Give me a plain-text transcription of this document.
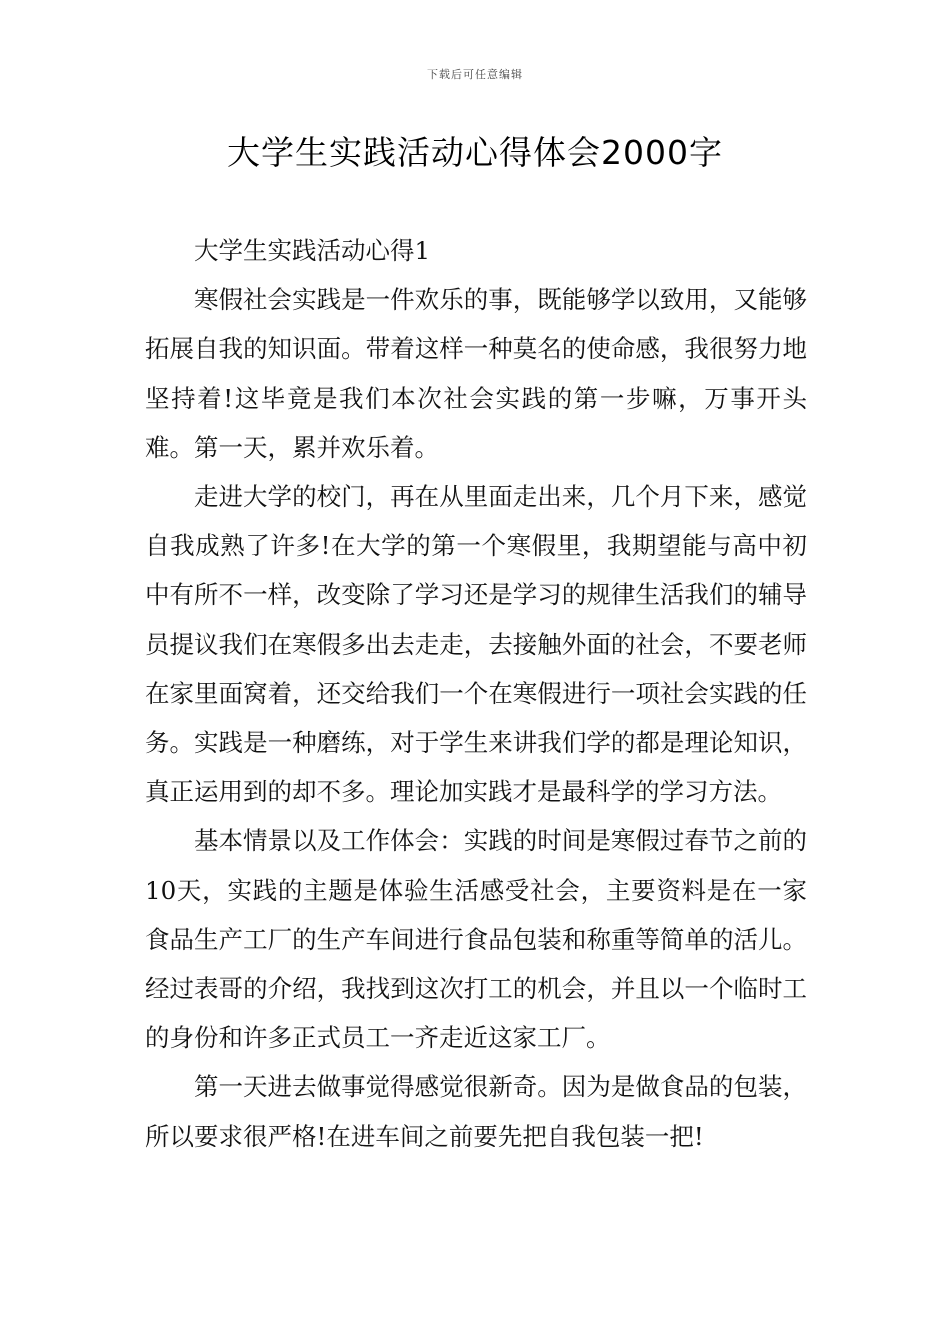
下载后可任意编辑
大学生实践活动心得体会2000字

大学生实践活动心得1

寒假社会实践是一件欢乐的事，既能够学以致用，又能够拓展自我的知识面。带着这样一种莫名的使命感，我很努力地坚持着!这毕竟是我们本次社会实践的第一步嘛，万事开头难。第一天，累并欢乐着。

走进大学的校门，再在从里面走出来，几个月下来，感觉自我成熟了许多!在大学的第一个寒假里，我期望能与高中初中有所不一样，改变除了学习还是学习的规律生活我们的辅导员提议我们在寒假多出去走走，去接触外面的社会，不要老师在家里面窝着，还交给我们一个在寒假进行一项社会实践的任务。实践是一种磨练，对于学生来讲我们学的都是理论知识，真正运用到的却不多。理论加实践才是最科学的学习方法。

基本情景以及工作体会：实践的时间是寒假过春节之前的10天，实践的主题是体验生活感受社会，主要资料是在一家食品生产工厂的生产车间进行食品包装和称重等简单的活儿。经过表哥的介绍，我找到这次打工的机会，并且以一个临时工的身份和许多正式员工一齐走近这家工厂。

第一天进去做事觉得感觉很新奇。因为是做食品的包装，所以要求很严格!在进车间之前要先把自我包装一把!
